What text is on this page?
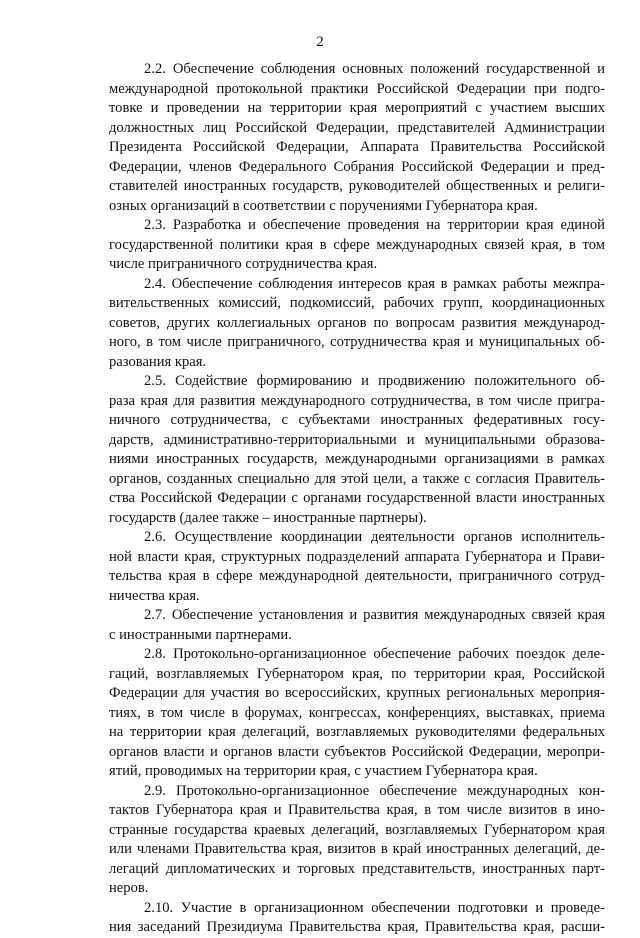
2
2.2. Обеспечение соблюдения основных положений государственной и
международной протокольной практики Российской Федерации при подго-
товке и проведении на территории края мероприятий с участием высших
должностных лиц Российской Федерации, представителей Администрации
Президента Российской Федерации, Аппарата Правительства Российской
Федерации, членов Федерального Собрания Российской Федерации и пред-
ставителей иностранных государств, руководителей общественных и религи-
озных организаций в соответствии с поручениями Губернатора края.
2.3. Разработка и обеспечение проведения на территории края единой
государственной политики края в сфере международных связей края, в том
числе приграничного сотрудничества края.
2.4. Обеспечение соблюдения интересов края в рамках работы межпра-
вительственных комиссий, подкомиссий, рабочих групп, координационных
советов, других коллегиальных органов по вопросам развития международ-
ного, в том числе приграничного, сотрудничества края и муниципальных об-
разования края.
2.5. Содействие формированию и продвижению положительного об-
раза края для развития международного сотрудничества, в том числе пригра-
ничного сотрудничества, с субъектами иностранных федеративных госу-
дарств, административно-территориальными и муниципальными образова-
ниями иностранных государств, международными организациями в рамках
органов, созданных специально для этой цели, а также с согласия Правитель-
ства Российской Федерации с органами государственной власти иностранных
государств (далее также – иностранные партнеры).
2.6. Осуществление координации деятельности органов исполнитель-
ной власти края, структурных подразделений аппарата Губернатора и Прави-
тельства края в сфере международной деятельности, приграничного сотруд-
ничества края.
2.7. Обеспечение установления и развития международных связей края
с иностранными партнерами.
2.8. Протокольно-организационное обеспечение рабочих поездок деле-
гаций, возглавляемых Губернатором края, по территории края, Российской
Федерации для участия во всероссийских, крупных региональных мероприя-
тиях, в том числе в форумах, конгрессах, конференциях, выставках, приема
на территории края делегаций, возглавляемых руководителями федеральных
органов власти и органов власти субъектов Российской Федерации, меропри-
ятий, проводимых на территории края, с участием Губернатора края.
2.9. Протокольно-организационное обеспечение международных кон-
тактов Губернатора края и Правительства края, в том числе визитов в ино-
странные государства краевых делегаций, возглавляемых Губернатором края
или членами Правительства края, визитов в край иностранных делегаций, де-
легаций дипломатических и торговых представительств, иностранных парт-
неров.
2.10. Участие в организационном обеспечении подготовки и проведе-
ния заседаний Президиума Правительства края, Правительства края, расши-
